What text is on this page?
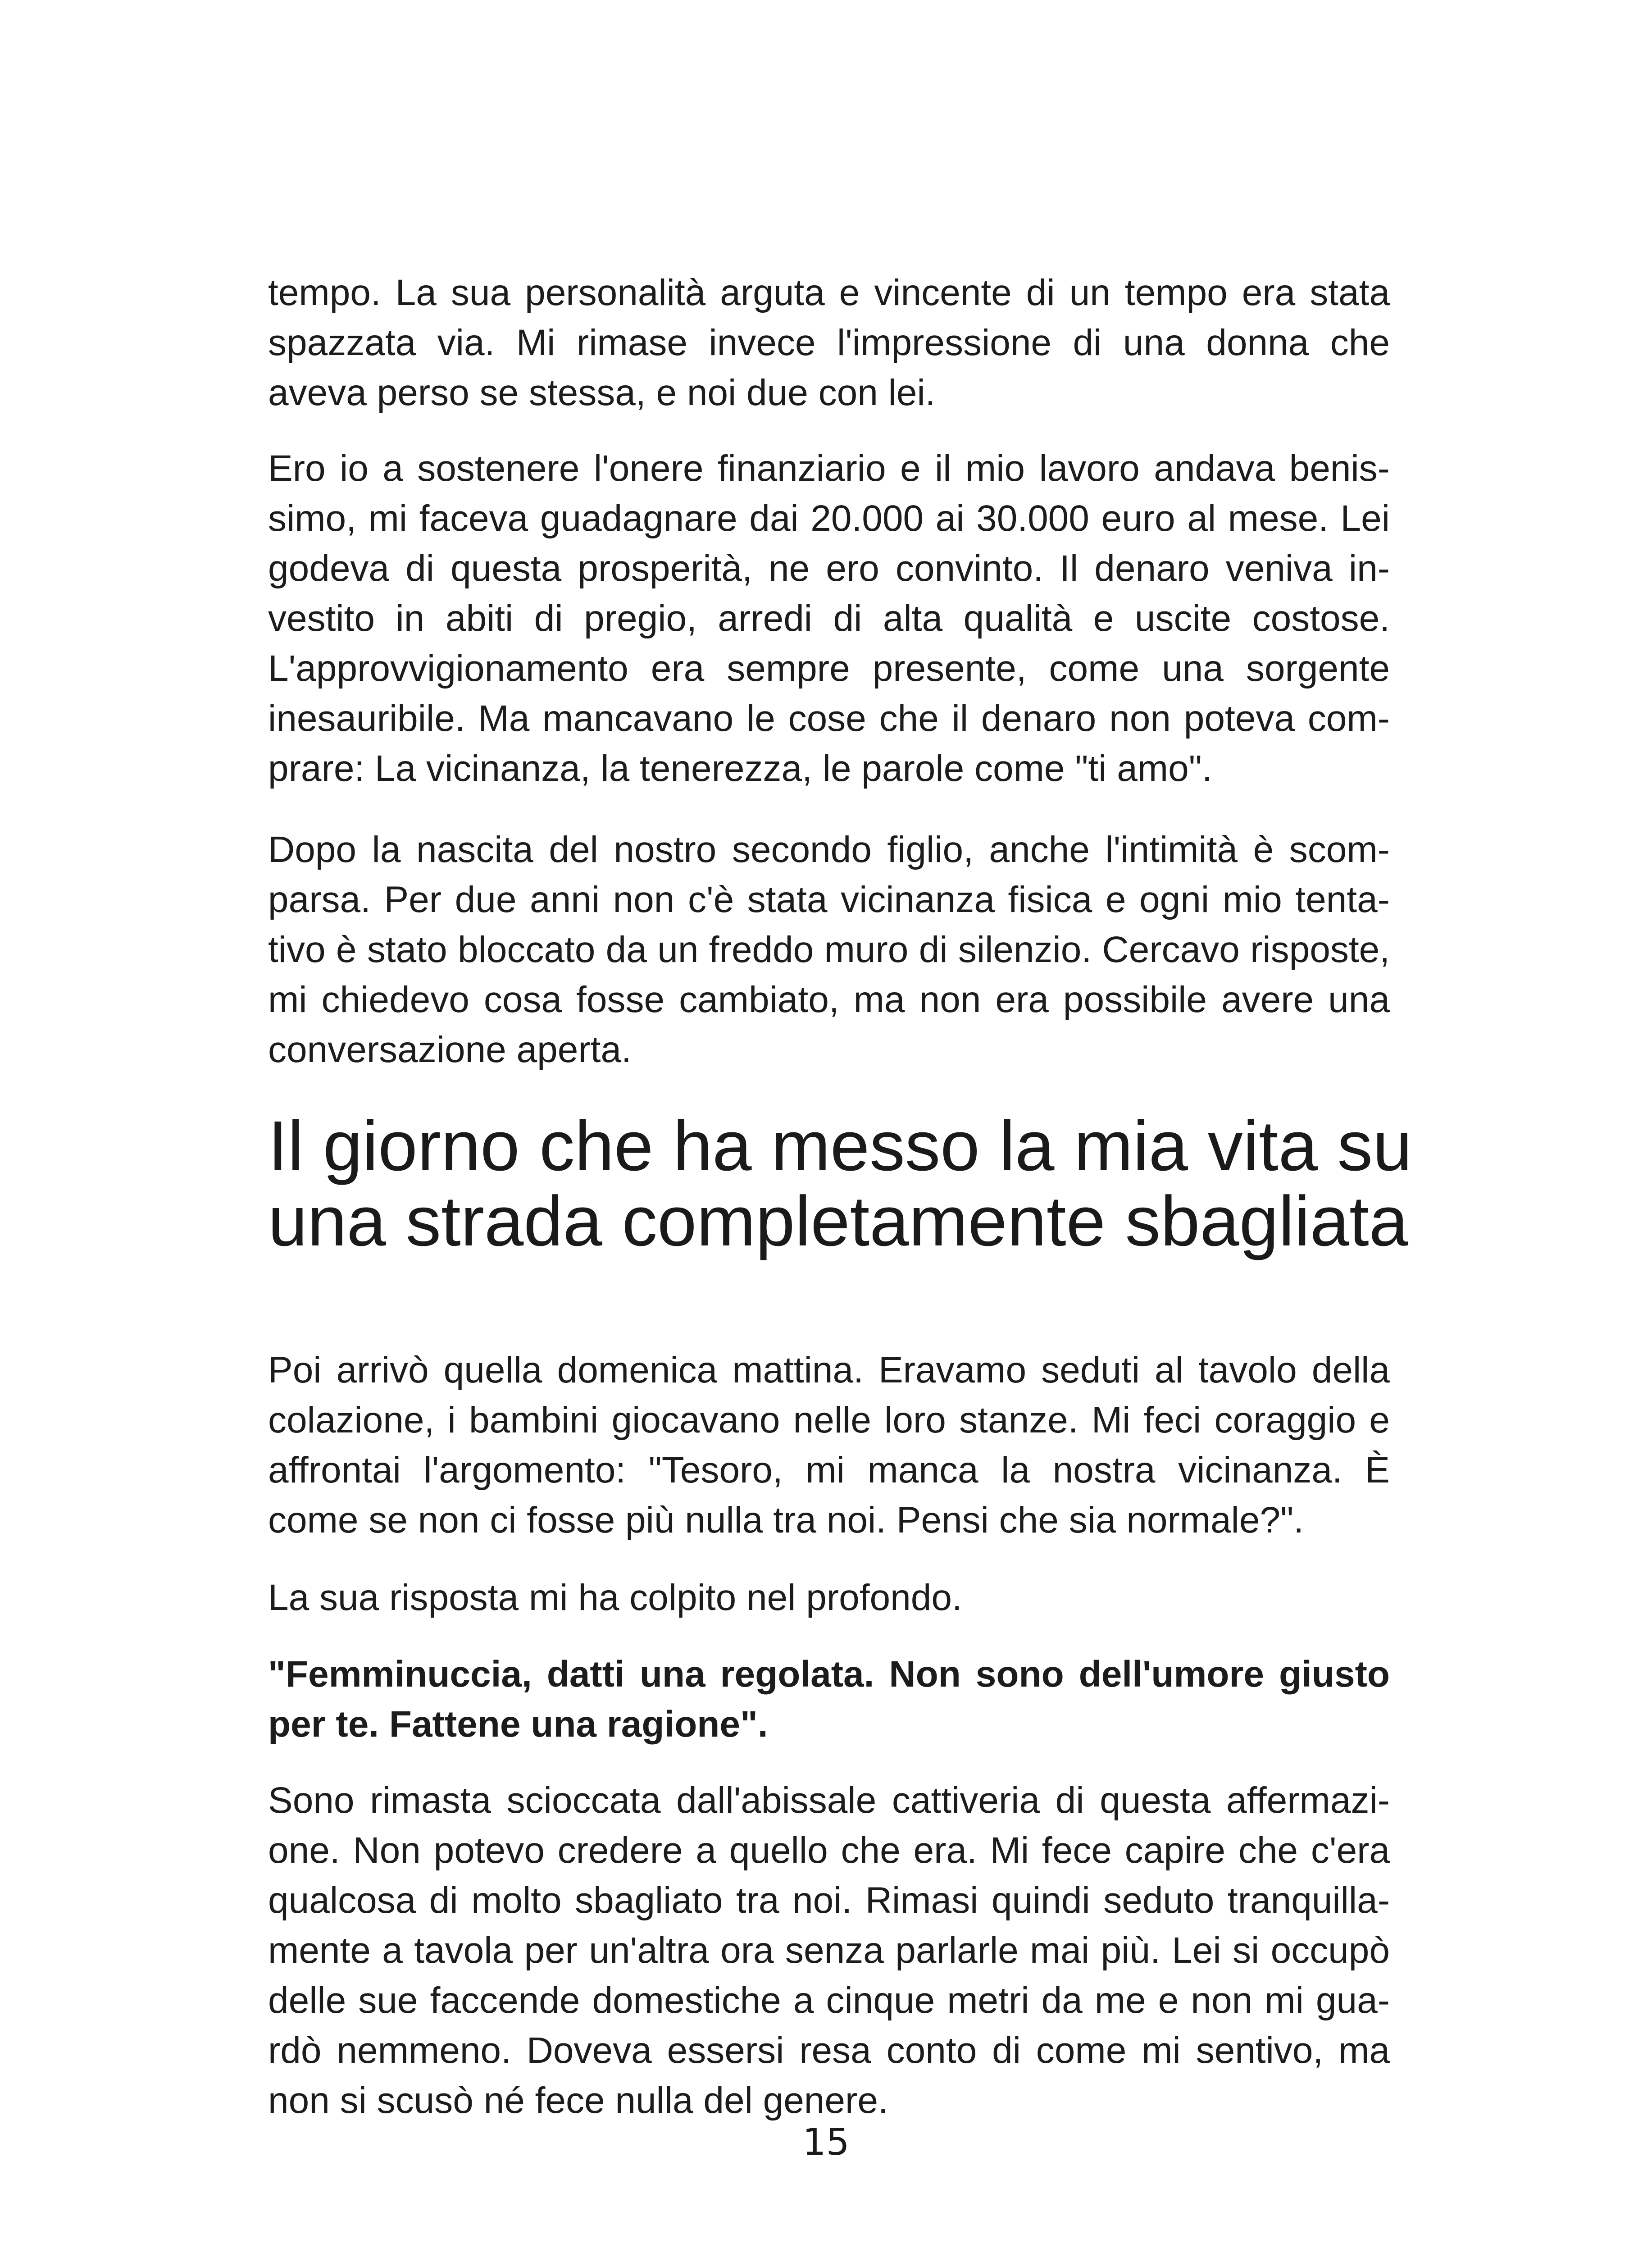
tempo. La sua personalità arguta e vincente di un tempo era stata
spazzata via. Mi rimase invece l'impressione di una donna che
aveva perso se stessa, e noi due con lei.

Ero io a sostenere l'onere finanziario e il mio lavoro andava benis-
simo, mi faceva guadagnare dai 20.000 ai 30.000 euro al mese. Lei
godeva di questa prosperità, ne ero convinto. Il denaro veniva in-
vestito in abiti di pregio, arredi di alta qualità e uscite costose.
L'approvvigionamento era sempre presente, come una sorgente
inesauribile. Ma mancavano le cose che il denaro non poteva com-
prare: La vicinanza, la tenerezza, le parole come "ti amo".

Dopo la nascita del nostro secondo figlio, anche l'intimità è scom-
parsa. Per due anni non c'è stata vicinanza fisica e ogni mio tenta-
tivo è stato bloccato da un freddo muro di silenzio. Cercavo risposte,
mi chiedevo cosa fosse cambiato, ma non era possibile avere una
conversazione aperta.

Il giorno che ha messo la mia vita su
una strada completamente sbagliata

Poi arrivò quella domenica mattina. Eravamo seduti al tavolo della
colazione, i bambini giocavano nelle loro stanze. Mi feci coraggio e
affrontai l'argomento: "Tesoro, mi manca la nostra vicinanza. È
come se non ci fosse più nulla tra noi. Pensi che sia normale?".

La sua risposta mi ha colpito nel profondo.

"Femminuccia, datti una regolata. Non sono dell'umore giusto
per te. Fattene una ragione".

Sono rimasta scioccata dall'abissale cattiveria di questa affermazi-
one. Non potevo credere a quello che era. Mi fece capire che c'era
qualcosa di molto sbagliato tra noi. Rimasi quindi seduto tranquilla-
mente a tavola per un'altra ora senza parlarle mai più. Lei si occupò
delle sue faccende domestiche a cinque metri da me e non mi gua-
rdò nemmeno. Doveva essersi resa conto di come mi sentivo, ma
non si scusò né fece nulla del genere.

15
